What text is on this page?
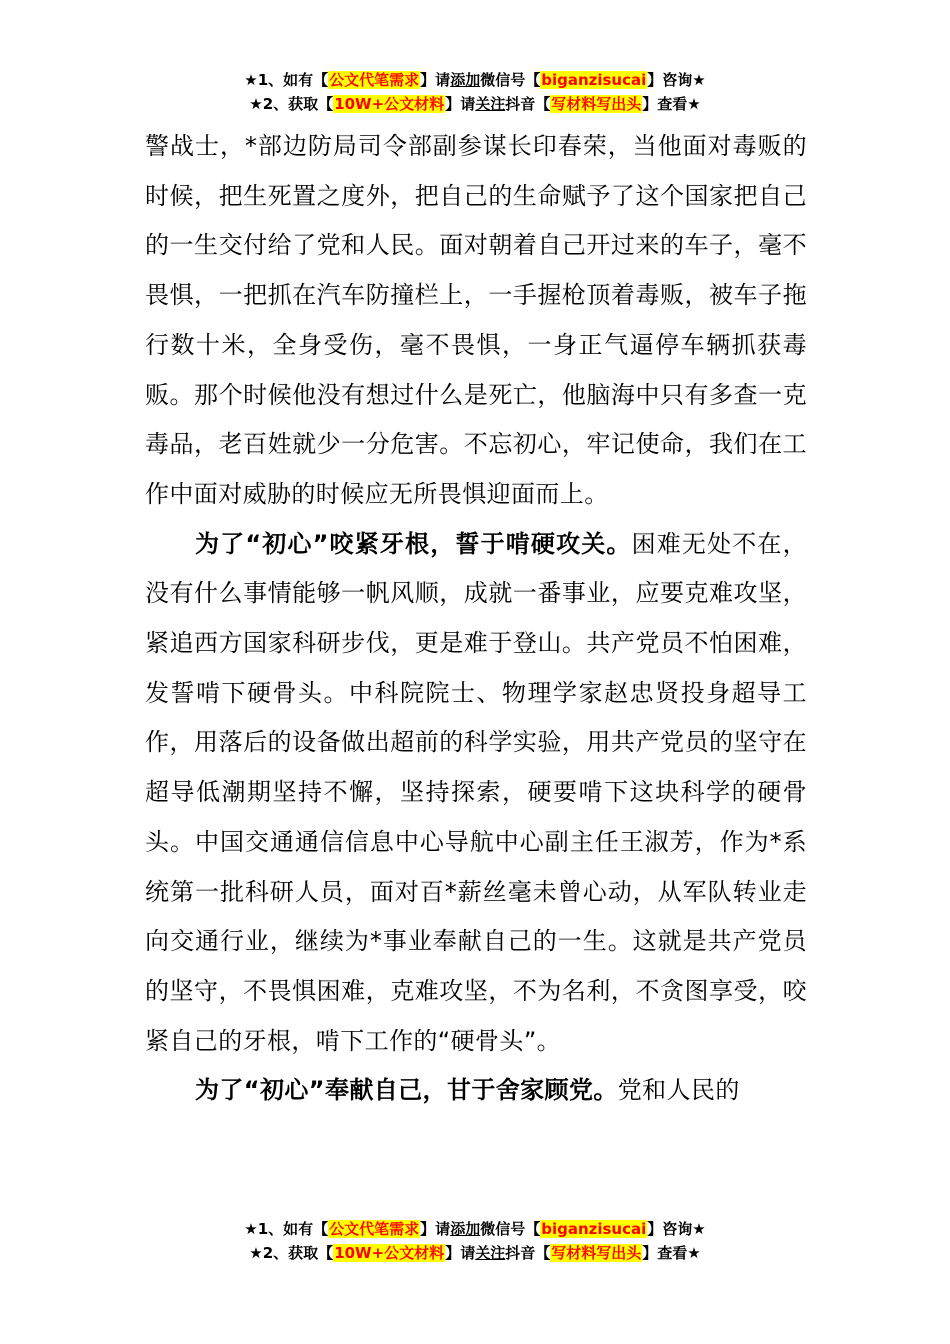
★1、如有【公文代笔需求】请添加微信号【biganzisucai】咨询★
★2、获取【10W+公文材料】请关注抖音【写材料写出头】查看★

警战士，*部边防局司令部副参谋长印春荣，当他面对毒贩的时候，把生死置之度外，把自己的生命赋予了这个国家把自己的一生交付给了党和人民。面对朝着自己开过来的车子，毫不畏惧，一把抓在汽车防撞栏上，一手握枪顶着毒贩，被车子拖行数十米，全身受伤，毫不畏惧，一身正气逼停车辆抓获毒贩。那个时候他没有想过什么是死亡，他脑海中只有多查一克毒品，老百姓就少一分危害。不忘初心，牢记使命，我们在工作中面对威胁的时候应无所畏惧迎面而上。

为了“初心”咬紧牙根，誓于啃硬攻关。困难无处不在，没有什么事情能够一帆风顺，成就一番事业，应要克难攻坚，紧追西方国家科研步伐，更是难于登山。共产党员不怕困难，发誓啃下硬骨头。中科院院士、物理学家赵忠贤投身超导工作，用落后的设备做出超前的科学实验，用共产党员的坚守在超导低潮期坚持不懈，坚持探索，硬要啃下这块科学的硬骨头。中国交通通信信息中心导航中心副主任王淑芳，作为*系统第一批科研人员，面对百*薪丝毫未曾心动，从军队转业走向交通行业，继续为*事业奉献自己的一生。这就是共产党员的坚守，不畏惧困难，克难攻坚，不为名利，不贪图享受，咬紧自己的牙根，啃下工作的“硬骨头”。

为了“初心”奉献自己，甘于舍家顾党。党和人民的

★1、如有【公文代笔需求】请添加微信号【biganzisucai】咨询★
★2、获取【10W+公文材料】请关注抖音【写材料写出头】查看★
